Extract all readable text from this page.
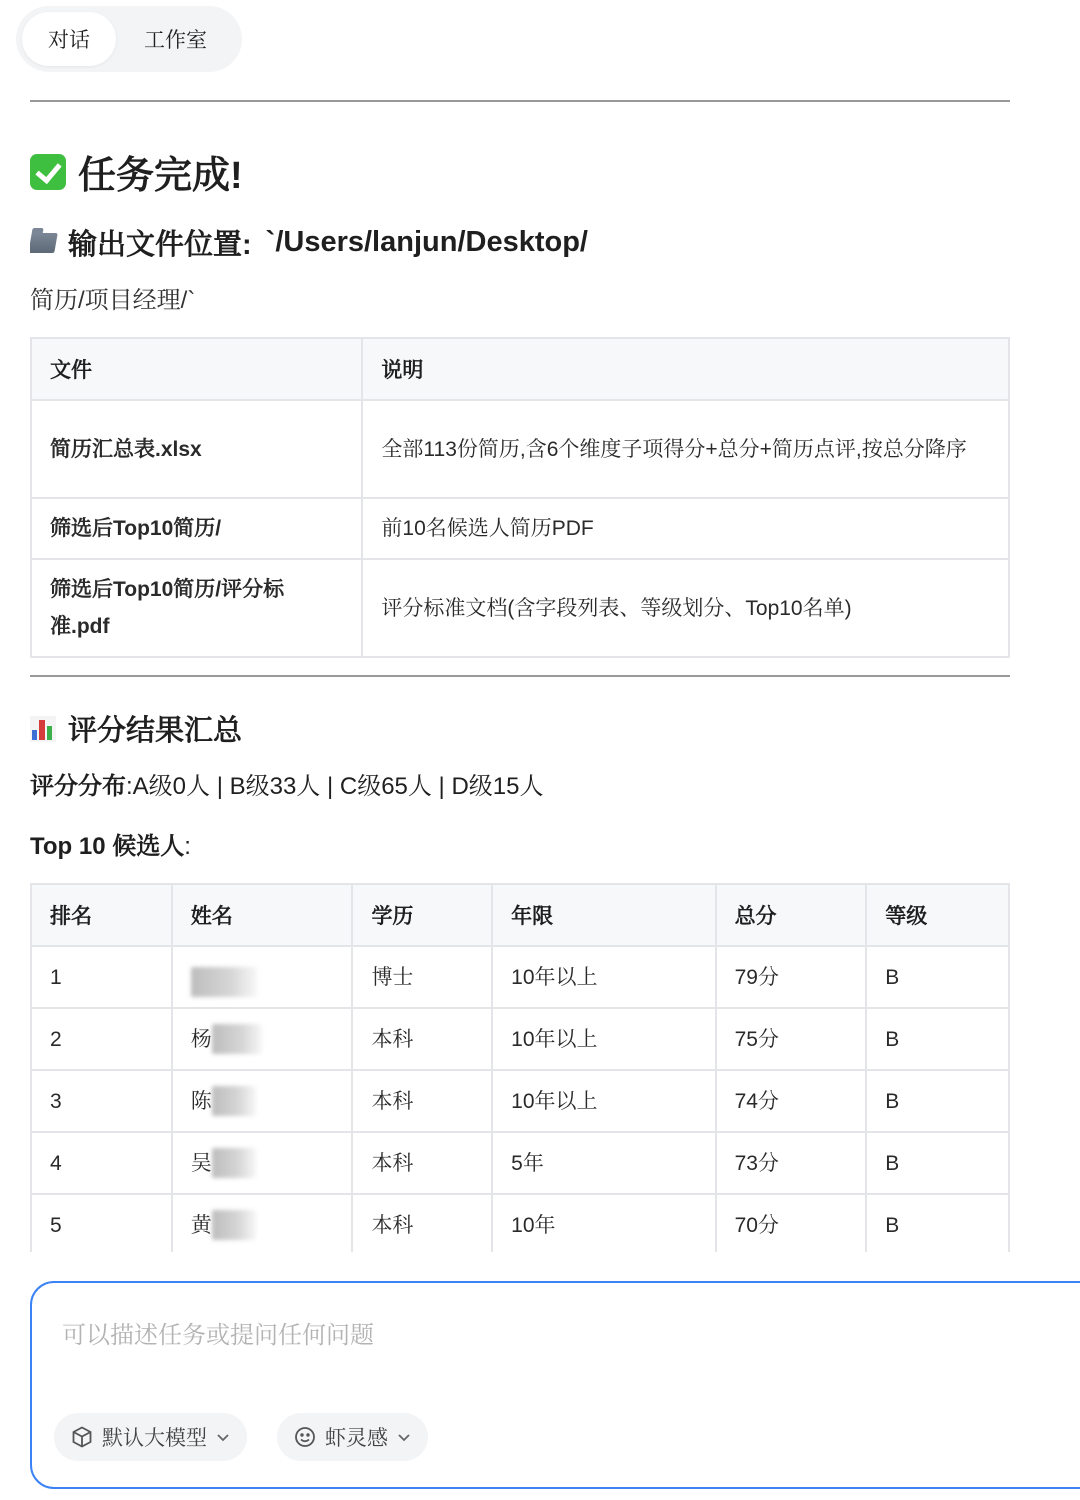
对话	工作室
任务完成!
输出文件位置: `/Users/lanjun/Desktop/
简历/项目经理/`
文件	说明
简历汇总表.xlsx	全部113份简历,含6个维度子项得分+总分+简历点评,按总分降序
筛选后Top10简历/	前10名候选人简历PDF
筛选后Top10简历/评分标准.pdf	评分标准文档(含字段列表、等级划分、Top10名单)
评分结果汇总
评分分布:A级0人 | B级33人 | C级65人 | D级15人
Top 10 候选人:
排名	姓名	学历	年限	总分	等级
1		博士	10年以上	79分	B
2	杨	本科	10年以上	75分	B
3	陈	本科	10年以上	74分	B
4	吴	本科	5年	73分	B
5	黄	本科	10年	70分	B
可以描述任务或提问任何问题
默认大模型	虾灵感
